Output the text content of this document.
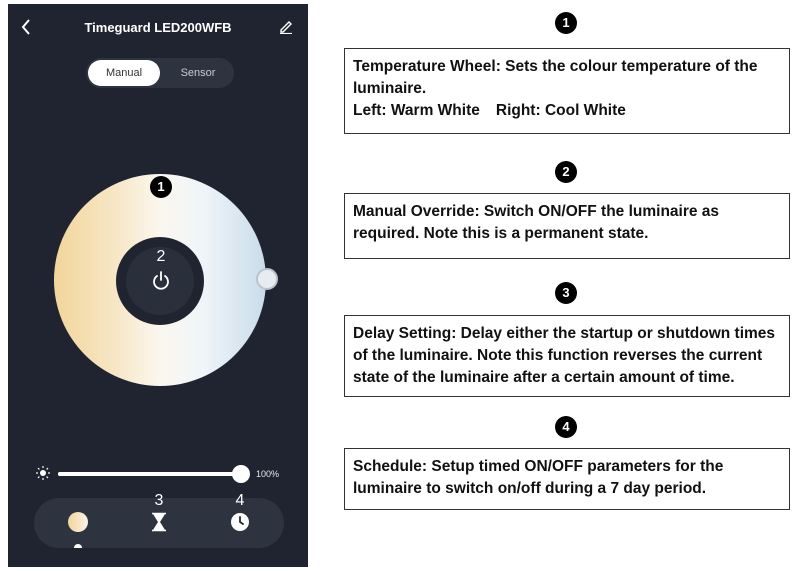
Timeguard LED200WFB
Manual	Sensor
1
2
100%
3	4
1
Temperature Wheel: Sets the colour temperature of the luminaire.
Left: Warm White Right: Cool White
2
Manual Override: Switch ON/OFF the luminaire as required. Note this is a permanent state.
3
Delay Setting: Delay either the startup or shutdown times of the luminaire. Note this function reverses the current state of the luminaire after a certain amount of time.
4
Schedule: Setup timed ON/OFF parameters for the luminaire to switch on/off during a 7 day period.
